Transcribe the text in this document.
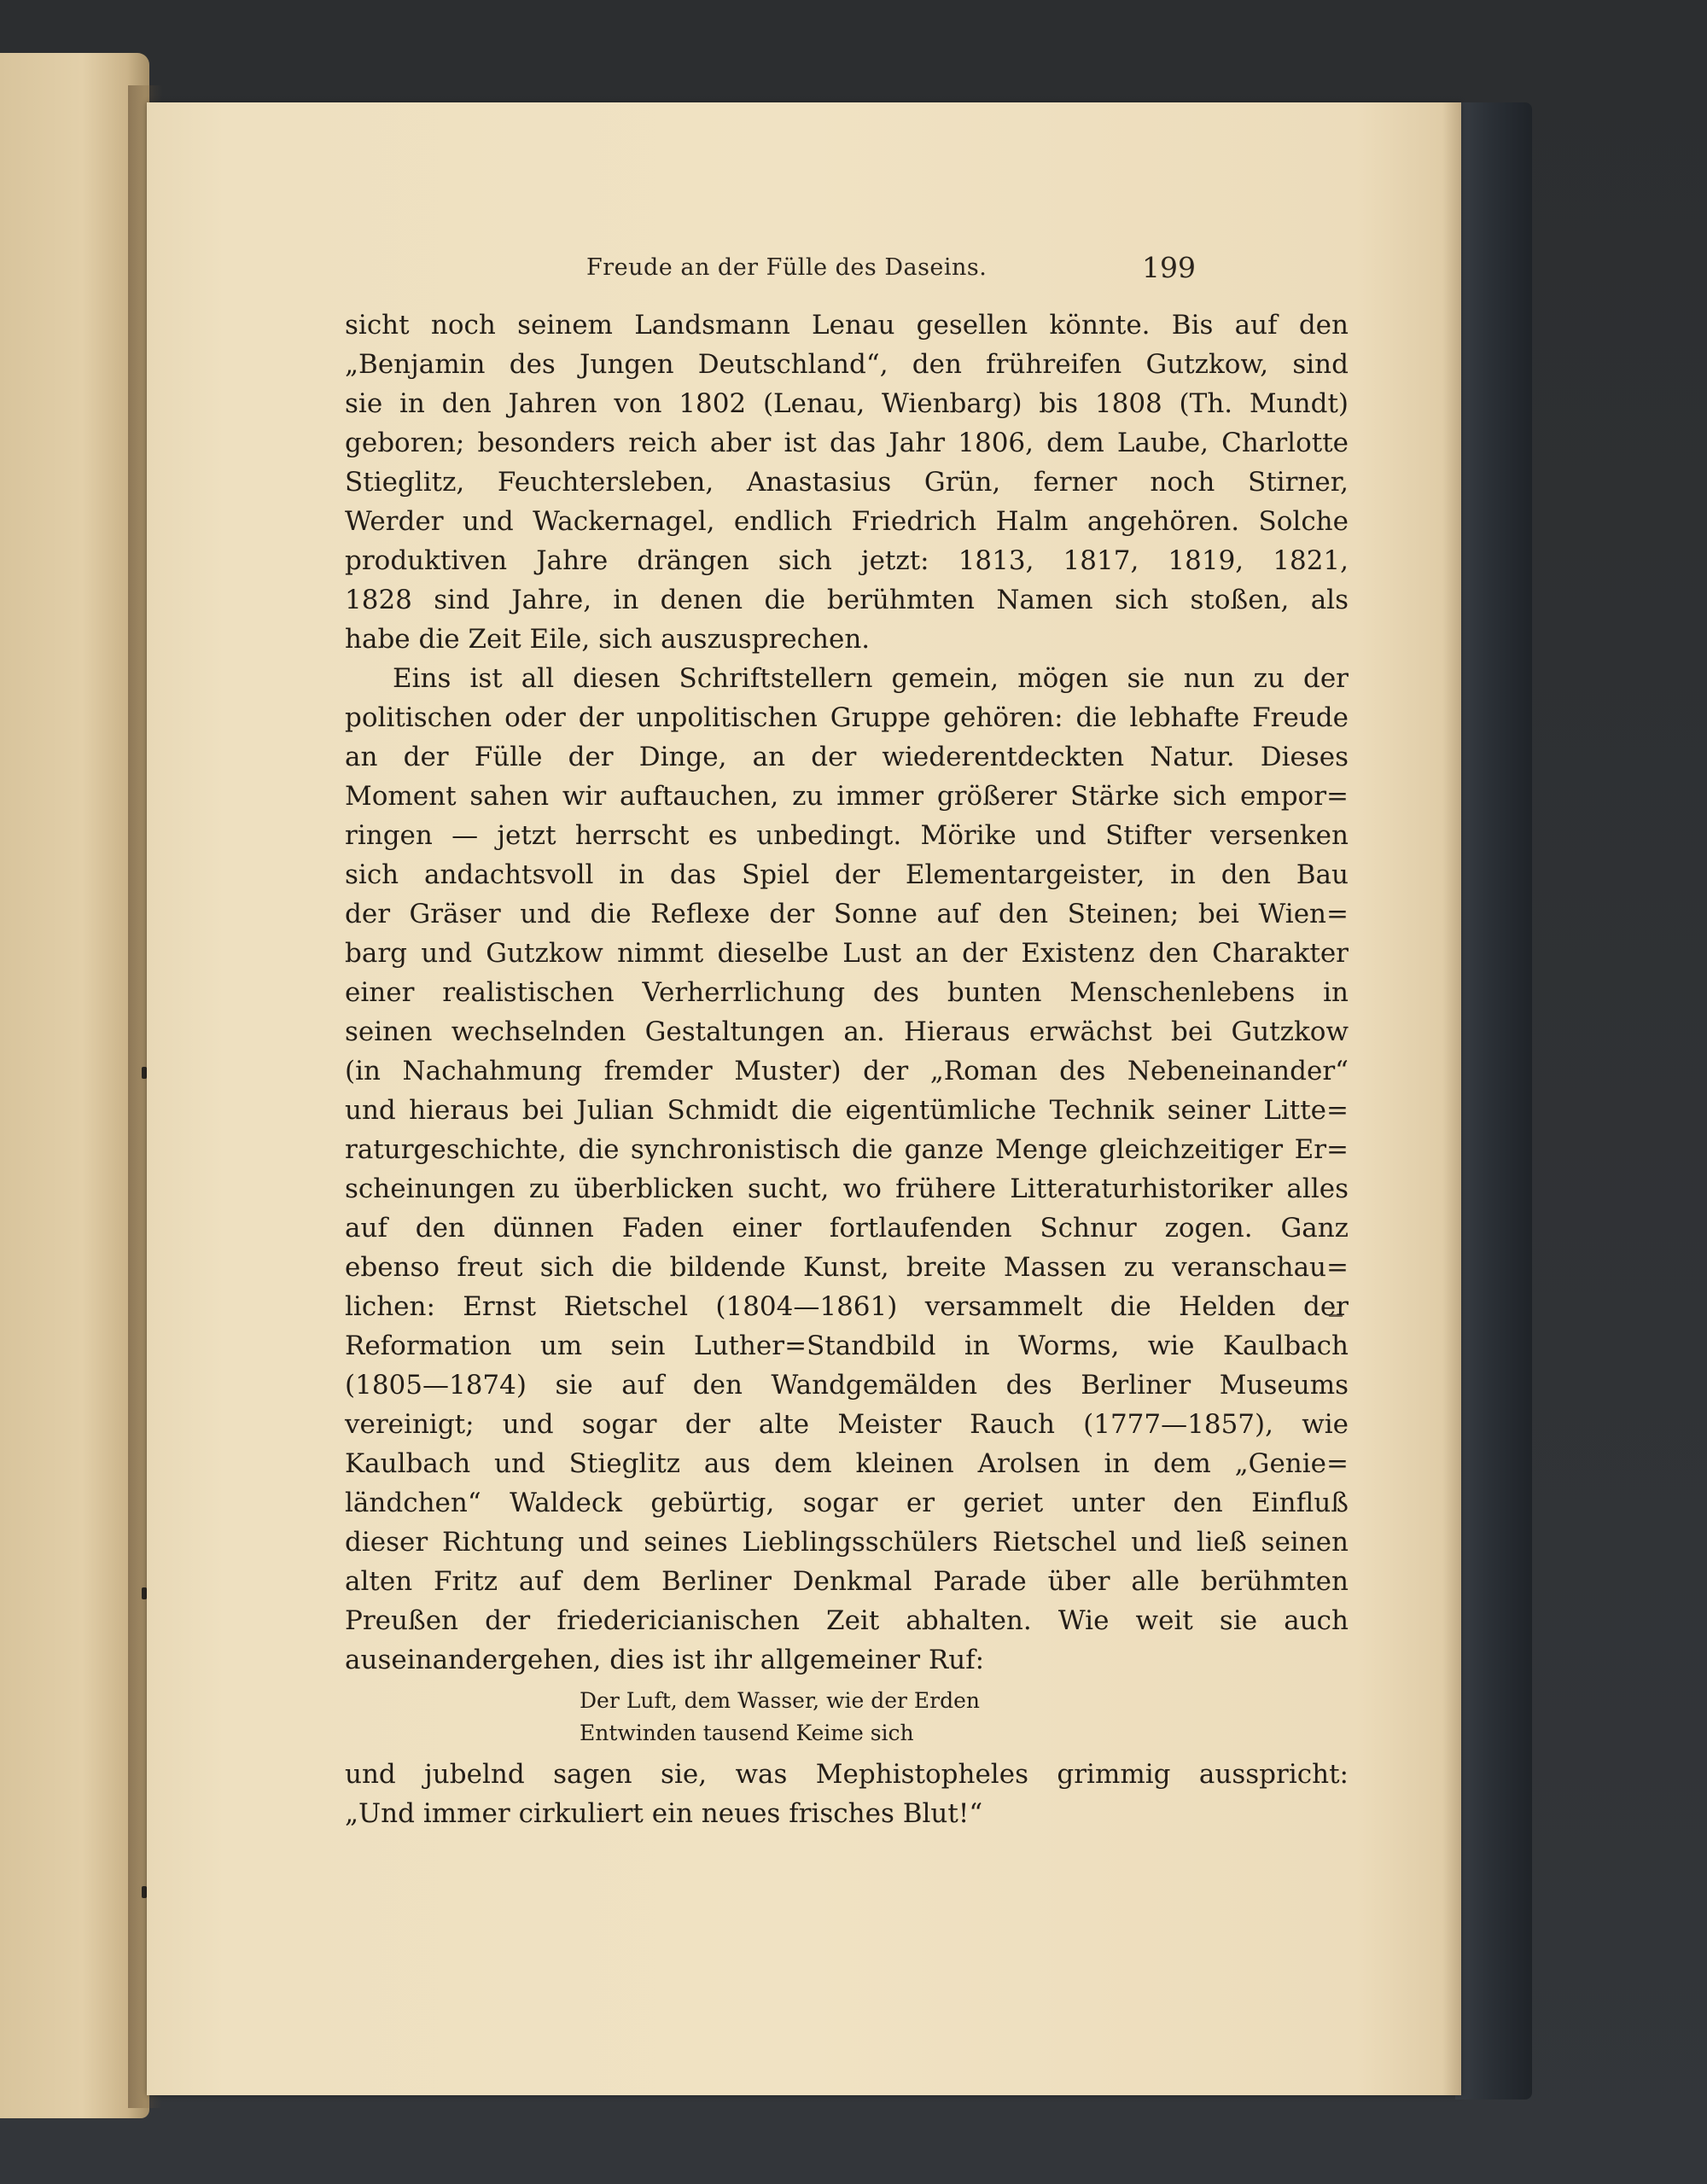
Freude an der Fülle des Daseins.	199
sicht noch seinem Landsmann Lenau gesellen könnte. Bis auf den
„Benjamin des Jungen Deutschland“, den frühreifen Gutzkow, sind
sie in den Jahren von 1802 (Lenau, Wienbarg) bis 1808 (Th. Mundt)
geboren; besonders reich aber ist das Jahr 1806, dem Laube, Charlotte
Stieglitz, Feuchtersleben, Anastasius Grün, ferner noch Stirner,
Werder und Wackernagel, endlich Friedrich Halm angehören. Solche
produktiven Jahre drängen sich jetzt: 1813, 1817, 1819, 1821,
1828 sind Jahre, in denen die berühmten Namen sich stoßen, als
habe die Zeit Eile, sich auszusprechen.
Eins ist all diesen Schriftstellern gemein, mögen sie nun zu der
politischen oder der unpolitischen Gruppe gehören: die lebhafte Freude
an der Fülle der Dinge, an der wiederentdeckten Natur. Dieses
Moment sahen wir auftauchen, zu immer größerer Stärke sich empor=
ringen — jetzt herrscht es unbedingt. Mörike und Stifter versenken
sich andachtsvoll in das Spiel der Elementargeister, in den Bau
der Gräser und die Reflexe der Sonne auf den Steinen; bei Wien=
barg und Gutzkow nimmt dieselbe Lust an der Existenz den Charakter
einer realistischen Verherrlichung des bunten Menschenlebens in
seinen wechselnden Gestaltungen an. Hieraus erwächst bei Gutzkow
(in Nachahmung fremder Muster) der „Roman des Nebeneinander“
und hieraus bei Julian Schmidt die eigentümliche Technik seiner Litte=
raturgeschichte, die synchronistisch die ganze Menge gleichzeitiger Er=
scheinungen zu überblicken sucht, wo frühere Litteraturhistoriker alles
auf den dünnen Faden einer fortlaufenden Schnur zogen. Ganz
ebenso freut sich die bildende Kunst, breite Massen zu veranschau=
lichen: Ernst Rietschel (1804—1861) versammelt die Helden der
Reformation um sein Luther=Standbild in Worms, wie Kaulbach
(1805—1874) sie auf den Wandgemälden des Berliner Museums
vereinigt; und sogar der alte Meister Rauch (1777—1857), wie
Kaulbach und Stieglitz aus dem kleinen Arolsen in dem „Genie=
ländchen“ Waldeck gebürtig, sogar er geriet unter den Einfluß
dieser Richtung und seines Lieblingsschülers Rietschel und ließ seinen
alten Fritz auf dem Berliner Denkmal Parade über alle berühmten
Preußen der friedericianischen Zeit abhalten. Wie weit sie auch
auseinandergehen, dies ist ihr allgemeiner Ruf:
Der Luft, dem Wasser, wie der Erden
Entwinden tausend Keime sich
und jubelnd sagen sie, was Mephistopheles grimmig ausspricht:
„Und immer cirkuliert ein neues frisches Blut!“
